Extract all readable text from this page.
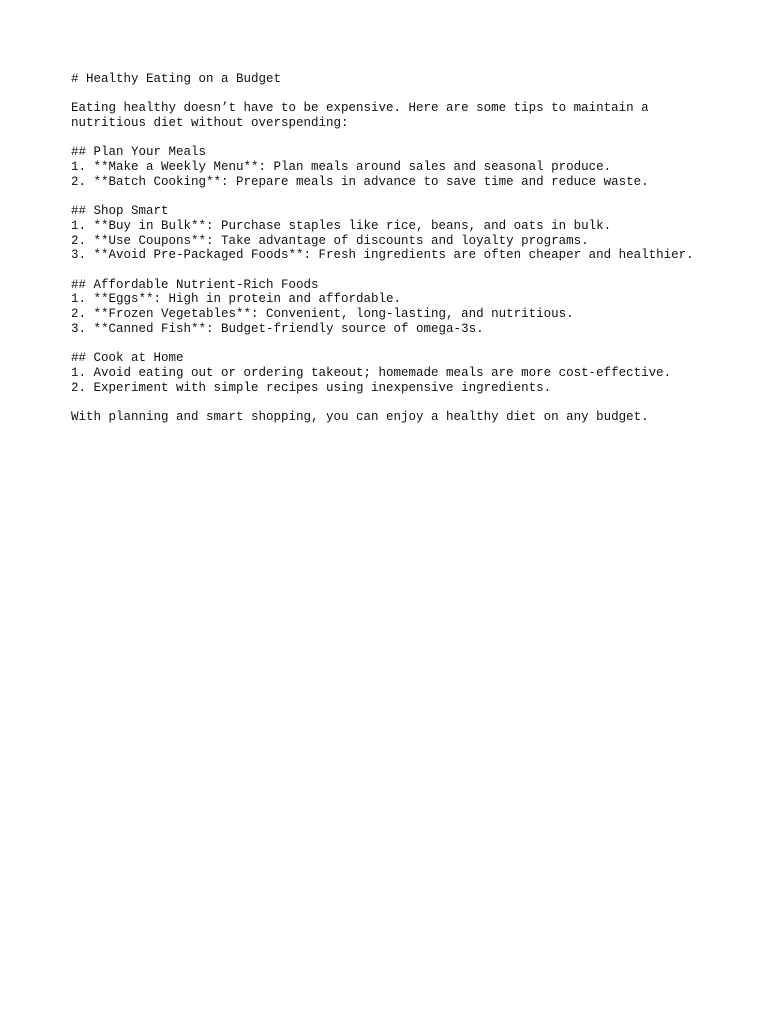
# Healthy Eating on a Budget
Eating healthy doesn’t have to be expensive. Here are some tips to maintain a
nutritious diet without overspending:
## Plan Your Meals
1. **Make a Weekly Menu**: Plan meals around sales and seasonal produce.
2. **Batch Cooking**: Prepare meals in advance to save time and reduce waste.
## Shop Smart
1. **Buy in Bulk**: Purchase staples like rice, beans, and oats in bulk.
2. **Use Coupons**: Take advantage of discounts and loyalty programs.
3. **Avoid Pre-Packaged Foods**: Fresh ingredients are often cheaper and healthier.
## Affordable Nutrient-Rich Foods
1. **Eggs**: High in protein and affordable.
2. **Frozen Vegetables**: Convenient, long-lasting, and nutritious.
3. **Canned Fish**: Budget-friendly source of omega-3s.
## Cook at Home
1. Avoid eating out or ordering takeout; homemade meals are more cost-effective.
2. Experiment with simple recipes using inexpensive ingredients.
With planning and smart shopping, you can enjoy a healthy diet on any budget.
